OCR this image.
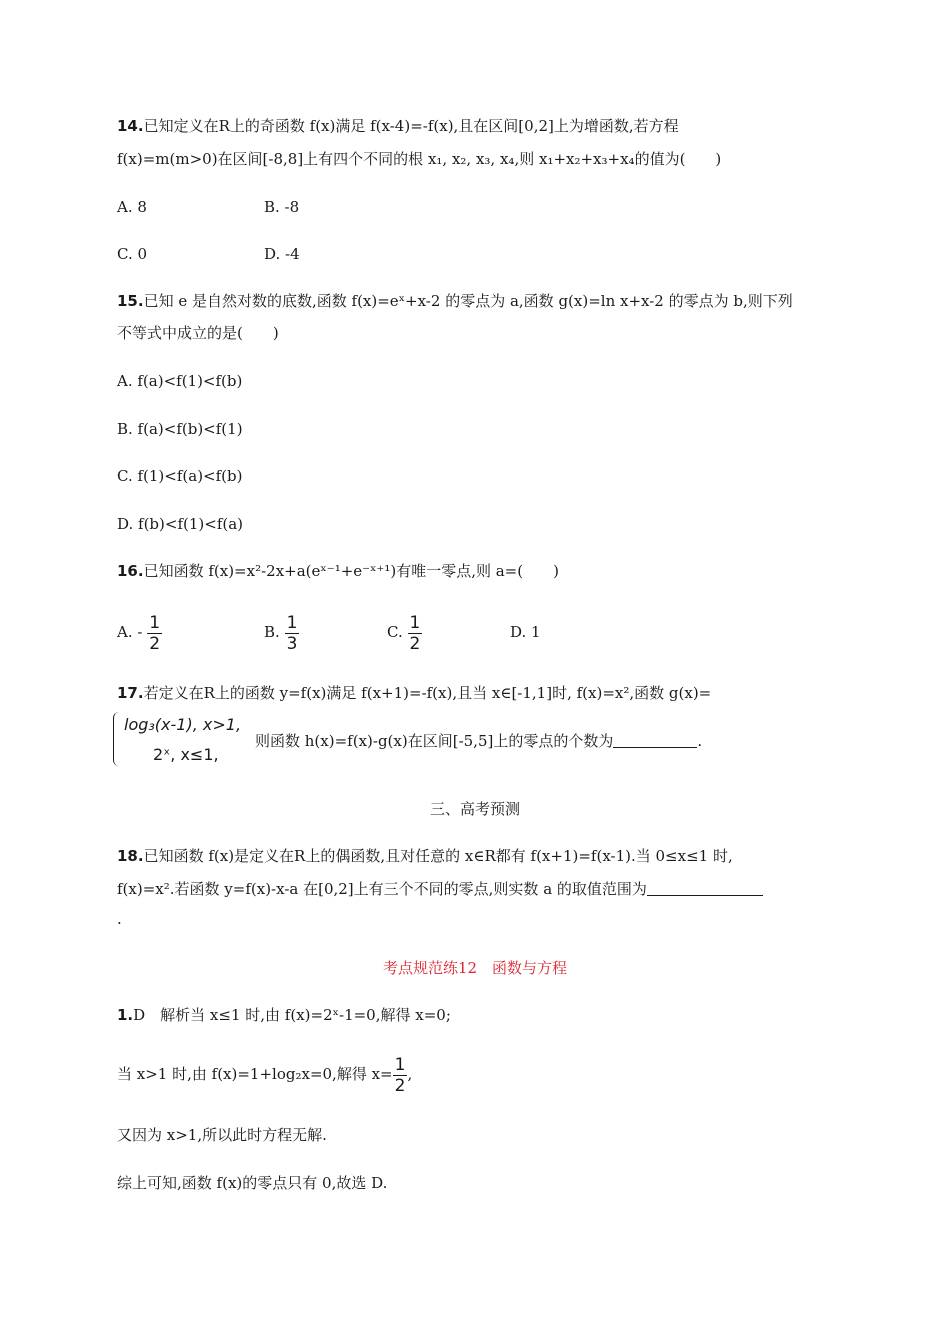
14.已知定义在R上的奇函数 f(x)满足 f(x-4)=-f(x),且在区间[0,2]上为增函数,若方程
f(x)=m(m>0)在区间[-8,8]上有四个不同的根 x₁, x₂, x₃, x₄,则 x₁+x₂+x₃+x₄的值为(　　)
A. 8	B. -8
C. 0	D. -4
15.已知 e 是自然对数的底数,函数 f(x)=eˣ+x-2 的零点为 a,函数 g(x)=ln x+x-2 的零点为 b,则下列
不等式中成立的是(　　)
A. f(a)<f(1)<f(b)
B. f(a)<f(b)<f(1)
C. f(1)<f(a)<f(b)
D. f(b)<f(1)<f(a)
16.已知函数 f(x)=x²-2x+a(eˣ⁻¹+e⁻ˣ⁺¹)有唯一零点,则 a=(　　)
A. - $\frac{1}{2}$	B. $\frac{1}{3}$	C. $\frac{1}{2}$	D. 1
17.若定义在R上的函数 y=f(x)满足 f(x+1)=-f(x),且当 x∈[-1,1]时, f(x)=x²,函数 g(x)=
log₃(x-1), x>1,
2ˣ, x≤1,
则函数 h(x)=f(x)-g(x)在区间[-5,5]上的零点的个数为	.
三、高考预测
18.已知函数 f(x)是定义在R上的偶函数,且对任意的 x∈R都有 f(x+1)=f(x-1).当 0≤x≤1 时,
f(x)=x².若函数 y=f(x)-x-a 在[0,2]上有三个不同的零点,则实数 a 的取值范围为
.
考点规范练12　函数与方程
1.D　解析当 x≤1 时,由 f(x)=2ˣ-1=0,解得 x=0;
当 x>1 时,由 f(x)=1+log₂x=0,解得 $x= \frac{1}{2}$ ,
又因为 x>1,所以此时方程无解.
综上可知,函数 f(x)的零点只有 0,故选 D.
